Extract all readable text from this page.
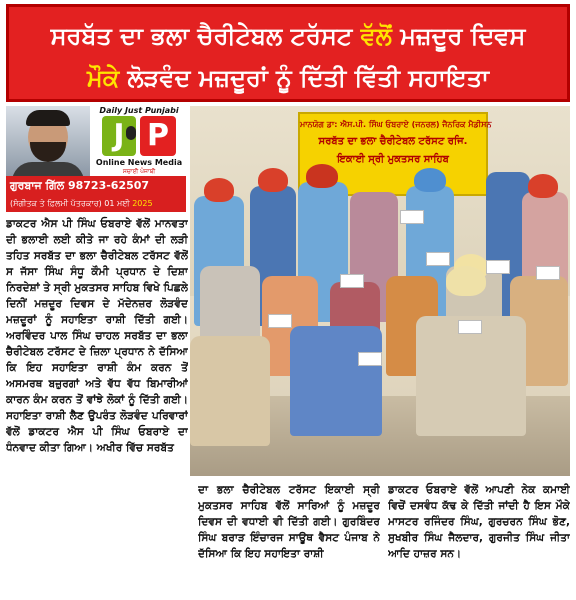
ਸਰਬੱਤ ਦਾ ਭਲਾ ਚੈਰੀਟੇਬਲ ਟਰੱਸਟ ਵੱਲੋਂ ਮਜ਼ਦੂਰ ਦਿਵਸ
ਮੌਕੇ ਲੋੜਵੰਦ ਮਜ਼ਦੂਰਾਂ ਨੂੰ ਦਿੱਤੀ ਵਿੱਤੀ ਸਹਾਇਤਾ
Daily Just Punjabi
J P
Online News Media
ਸਚਾਈ ਪੰਜਾਬੀ
ਗੁਰਬਾਜ ਗਿੱਲ 98723-62507
(ਸੰਗੀਤਕ ਤੇ ਫ਼ਿਲਮੀ ਪੱਤਰਕਾਰ) 01 ਮਈ 2025
ਡਾਕਟਰ ਐਸ ਪੀ ਸਿੰਘ ਓਬਰਾਏ ਵੱਲੋਂ ਮਾਨਵਤਾ ਦੀ ਭਲਾਈ ਲਈ ਕੀਤੇ ਜਾ ਰਹੇ ਕੰਮਾਂ ਦੀ ਲੜੀ ਤਹਿਤ ਸਰਬੱਤ ਦਾ ਭਲਾ ਚੈਰੀਟੇਬਲ ਟਰੱਸਟ ਵੱਲੋਂ ਸ ਜੱਸਾ ਸਿੰਘ ਸੰਧੂ ਕੌਮੀ ਪ੍ਰਧਾਨ ਦੇ ਦਿਸ਼ਾ ਨਿਰਦੇਸ਼ਾਂ ਤੇ ਸ੍ਰੀ ਮੁਕਤਸਰ ਸਾਹਿਬ ਵਿਖੇ ਪਿਛਲੇ ਦਿਨੀਂ ਮਜ਼ਦੂਰ ਦਿਵਸ ਦੇ ਮੱਦੇਨਜ਼ਰ ਲੋੜਵੰਦ ਮਜ਼ਦੂਰਾਂ ਨੂੰ ਸਹਾਇਤਾ ਰਾਸ਼ੀ ਦਿੱਤੀ ਗਈ। ਅਰਵਿੰਦਰ ਪਾਲ ਸਿੰਘ ਚਾਹਲ ਸਰਬੱਤ ਦਾ ਭਲਾ ਚੈਰੀਟੇਬਲ ਟਰੱਸਟ ਦੇ ਜ਼ਿਲਾ ਪ੍ਰਧਾਨ ਨੇ ਦੱਸਿਆ ਕਿ ਇਹ ਸਹਾਇਤਾ ਰਾਸ਼ੀ ਕੰਮ ਕਰਨ ਤੋਂ ਅਸਮਰਥ ਬਜ਼ੁਰਗਾਂ ਅਤੇ ਵੱਧ ਵੱਧ ਬਿਮਾਰੀਆਂ ਕਾਰਨ ਕੰਮ ਕਰਨ ਤੋਂ ਵਾਂਝੇ ਲੋਕਾਂ ਨੂੰ ਦਿੱਤੀ ਗਈ। ਸਹਾਇਤਾ ਰਾਸ਼ੀ ਲੈਣ ਉਪਰੰਤ ਲੋੜਵੰਦ ਪਰਿਵਾਰਾਂ ਵੱਲੋਂ ਡਾਕਟਰ ਐਸ ਪੀ ਸਿੰਘ ਓਬਰਾਏ ਦਾ ਧੰਨਵਾਦ ਕੀਤਾ ਗਿਆ। ਅਖੀਰ ਵਿੱਚ ਸਰਬੱਤ
ਮਾਨਯੋਗ ਡਾ: ਐਸ.ਪੀ. ਸਿੰਘ ਓਬਰਾਏ (ਜਨਰਲ) ਜੈਨਰਿਕ ਮੈਡੀਸਨ
ਸਰਬੱਤ ਦਾ ਭਲਾ ਚੈਰੀਟੇਬਲ ਟਰੱਸਟ ਰਜਿ.
ਇਕਾਈ ਸ੍ਰੀ ਮੁਕਤਸਰ ਸਾਹਿਬ
ਦਾ ਭਲਾ ਚੈਰੀਟੇਬਲ ਟਰੱਸਟ ਇਕਾਈ ਸ੍ਰੀ ਮੁਕਤਸਰ ਸਾਹਿਬ ਵੱਲੋਂ ਸਾਰਿਆਂ ਨੂੰ ਮਜ਼ਦੂਰ ਦਿਵਸ ਦੀ ਵਧਾਈ ਵੀ ਦਿੱਤੀ ਗਈ। ਗੁਰਬਿੰਦਰ ਸਿੰਘ ਬਰਾੜ ਇੰਚਾਰਜ ਸਾਊਥ ਵੈਸਟ ਪੰਜਾਬ ਨੇ ਦੱਸਿਆ ਕਿ ਇਹ ਸਹਾਇਤਾ ਰਾਸ਼ੀ
ਡਾਕਟਰ ਓਬਰਾਏ ਵੱਲੋਂ ਆਪਣੀ ਨੇਕ ਕਮਾਈ ਵਿਚੋਂ ਦਸਵੰਧ ਕੱਢ ਕੇ ਦਿੱਤੀ ਜਾਂਦੀ ਹੈ ਇਸ ਮੌਕੇ ਮਾਸਟਰ ਰਜਿੰਦਰ ਸਿੰਘ, ਗੁਰਚਰਨ ਸਿੰਘ ਭੋਣ, ਸੁਖਬੀਰ ਸਿੰਘ ਜੈਲਦਾਰ, ਗੁਰਜੀਤ ਸਿੰਘ ਜੀਤਾ ਆਦਿ ਹਾਜ਼ਰ ਸਨ।
